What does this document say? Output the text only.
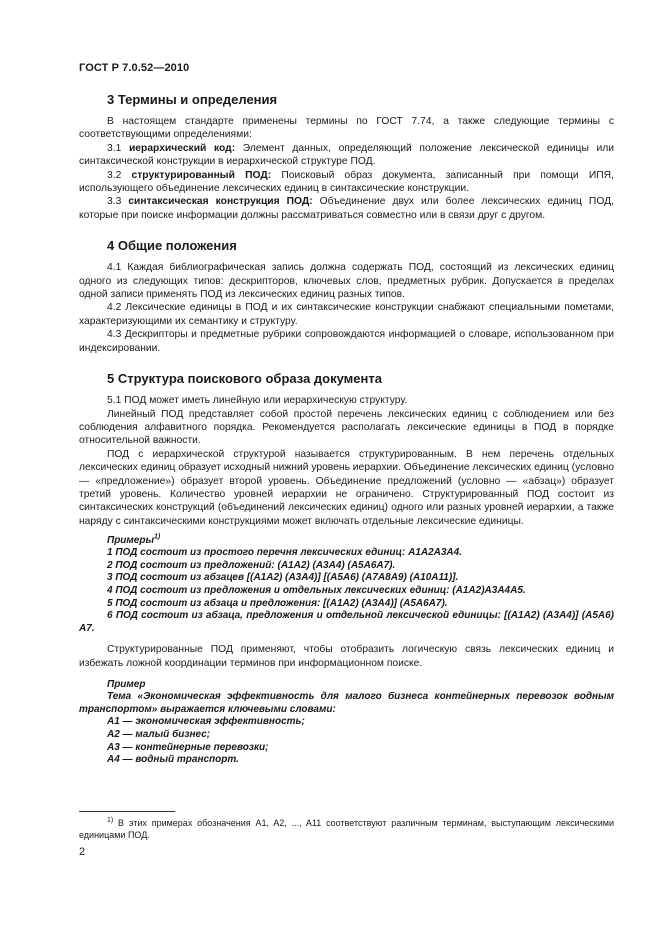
ГОСТ Р 7.0.52—2010
3 Термины и определения

В настоящем стандарте применены термины по ГОСТ 7.74, а также следующие термины с соответствующими определениями:

3.1 иерархический код: Элемент данных, определяющий положение лексической единицы или синтаксической конструкции в иерархической структуре ПОД.

3.2 структурированный ПОД: Поисковый образ документа, записанный при помощи ИПЯ, использующего объединение лексических единиц в синтаксические конструкции.

3.3 синтаксическая конструкция ПОД: Объединение двух или более лексических единиц ПОД, которые при поиске информации должны рассматриваться совместно или в связи друг с другом.

4 Общие положения

4.1 Каждая библиографическая запись должна содержать ПОД, состоящий из лексических единиц одного из следующих типов: дескрипторов, ключевых слов, предметных рубрик. Допускается в пределах одной записи применять ПОД из лексических единиц разных типов.

4.2 Лексические единицы в ПОД и их синтаксические конструкции снабжают специальными пометами, характеризующими их семантику и структуру.

4.3 Дескрипторы и предметные рубрики сопровождаются информацией о словаре, использованном при индексировании.

5 Структура поискового образа документа

5.1 ПОД может иметь линейную или иерархическую структуру.

Линейный ПОД представляет собой простой перечень лексических единиц с соблюдением или без соблюдения алфавитного порядка. Рекомендуется располагать лексические единицы в ПОД в порядке относительной важности.

ПОД с иерархической структурой называется структурированным. В нем перечень отдельных лексических единиц образует исходный нижний уровень иерархии. Объединение лексических единиц (условно — «предложение») образует второй уровень. Объединение предложений (условно — «абзац») образует третий уровень. Количество уровней иерархии не ограничено. Структурированный ПОД состоит из синтаксических конструкций (объединений лексических единиц) одного или разных уровней иерархии, а также наряду с синтаксическими конструкциями может включать отдельные лексические единицы.

Примеры$^{1)}$

1 ПОД состоит из простого перечня лексических единиц: A1A2A3A4.

2 ПОД состоит из предложений: (A1A2) (A3A4) (A5A6A7).

3 ПОД состоит из абзацев [(A1A2) (A3A4)] [(A5A6) (A7A8A9) (A10A11)].

4 ПОД состоит из предложения и отдельных лексических единиц: (A1A2)A3A4A5.

5 ПОД состоит из абзаца и предложения: [(A1A2) (A3A4)] (A5A6A7).

6 ПОД состоит из абзаца, предложения и отдельной лексической единицы: [(A1A2) (A3A4)] (A5A6) A7.

Структурированные ПОД применяют, чтобы отобразить логическую связь лексических единиц и избежать ложной координации терминов при информационном поиске.

Пример

Тема «Экономическая эффективность для малого бизнеса контейнерных перевозок водным транспортом» выражается ключевыми словами:

A1 — экономическая эффективность;

A2 — малый бизнес;

A3 — контейнерные перевозки;

A4 — водный транспорт.

$^{1)}$ В этих примерах обозначения A1, A2, ..., A11 соответствуют различным терминам, выступающим лексическими единицами ПОД.

2
